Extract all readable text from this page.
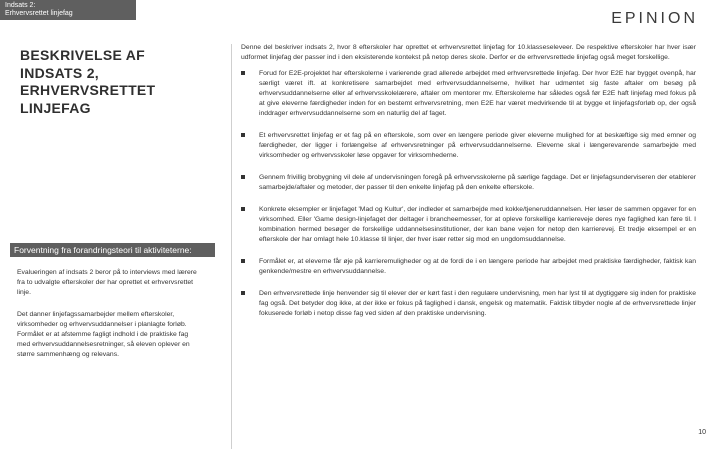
Indsats 2:
Erhvervsrettet linjefag	EPINION
BESKRIVELSE AF
INDSATS 2,
ERHVERVSRETTET
LINJEFAG
Forventning fra forandringsteori til aktiviteterne:

Evalueringen af indsats 2 beror på to interviews med lærere fra to udvalgte efterskoler der har oprettet et erhvervsrettet linje.

Det danner linjefagssamarbejder mellem efterskoler, virksomheder og erhvervsuddannelser i planlagte forløb. Formålet er at afstemme fagligt indhold i de praktiske fag med erhvervsuddannelsesretninger, så eleven oplever en større sammenhæng og relevans.

Denne del beskriver indsats 2, hvor 8 efterskoler har oprettet et erhvervsrettet linjefag for 10.klasseseleveer. De respektive efterskoler har hver især udformet linjefag der passer ind i den eksisterende kontekst på netop deres skole. Derfor er de erhvervsrettede linjefag også meget forskellige.

Forud for E2E-projektet har efterskolerne i varierende grad allerede arbejdet med erhvervsrettede linjefag. Der hvor E2E har bygget ovenpå, har særligt været ift. at konkretisere samarbejdet med erhvervsuddannelserne, hvilket har udmøntet sig faste aftaler om besøg på erhvervsuddannelserne eller af erhvervsskolelærere, aftaler om mentorer mv. Efterskolerne har således også før E2E haft linjefag med fokus på at give eleverne færdigheder inden for en bestemt erhvervsretning, men E2E har været medvirkende til at bygge et linjefagsforløb op, der også inddrager erhvervsuddannelserne som en naturlig del af faget.
Et erhvervsrettet linjefag er et fag på en efterskole, som over en længere periode giver eleverne mulighed for at beskæftige sig med emner og færdigheder, der ligger i forlængelse af erhvervsretninger på erhvervsuddannelserne. Eleverne skal i længerevarende samarbejde med virksomheder og erhvervsskoler løse opgaver for virksomhederne.
Gennem frivillig brobygning vil dele af undervisningen foregå på erhvervsskolerne på særlige fagdage. Det er linjefagsunderviseren der etablerer samarbejde/aftaler og metoder, der passer til den enkelte linjefag på den enkelte efterskole.
Konkrete eksempler er linjefaget 'Mad og Kultur', der indleder et samarbejde med kokke/tjeneruddannelsen. Her løser de sammen opgaver for en virksomhed. Eller 'Game design-linjefaget der deltager i brancheemesser, for at opleve forskellige karriereveje deres nye faglighed kan føre til. I kombination hermed besøger de forskellige uddannelsesinstitutioner, der kan bane vejen for netop den karrierevej. Et tredje eksempel er en efterskole der har omlagt hele 10.klasse til linjer, der hver især retter sig mod en ungdomsuddannelse.
Formålet er, at eleverne får øje på karrieremuligheder og at de fordi de i en længere periode har arbejdet med praktiske færdigheder, faktisk kan genkende/mestre en erhvervsuddannelse.
Den erhvervsrettede linje henvender sig til elever der er kørt fast i den regulære undervisning, men har lyst til at dygtiggøre sig inden for praktiske fag også. Det betyder dog ikke, at der ikke er fokus på faglighed i dansk, engelsk og matematik. Faktisk tilbyder nogle af de erhvervsrettede linjer fokuserede forløb i netop disse fag ved siden af den praktiske undervisning.
10
